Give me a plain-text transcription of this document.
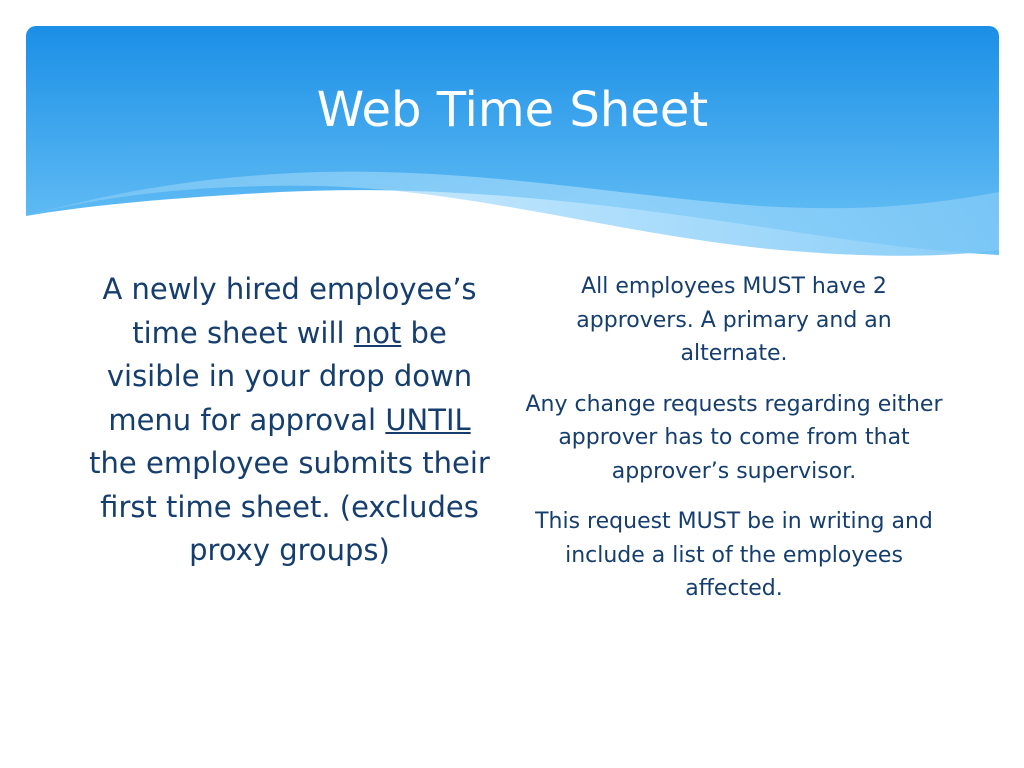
Web Time Sheet

A newly hired employee’s time sheet will not be visible in your drop down menu for approval UNTIL the employee submits their first time sheet. (excludes proxy groups)

All employees MUST have 2 approvers. A primary and an alternate.

Any change requests regarding either approver has to come from that approver’s supervisor.

This request MUST be in writing and include a list of the employees affected.
